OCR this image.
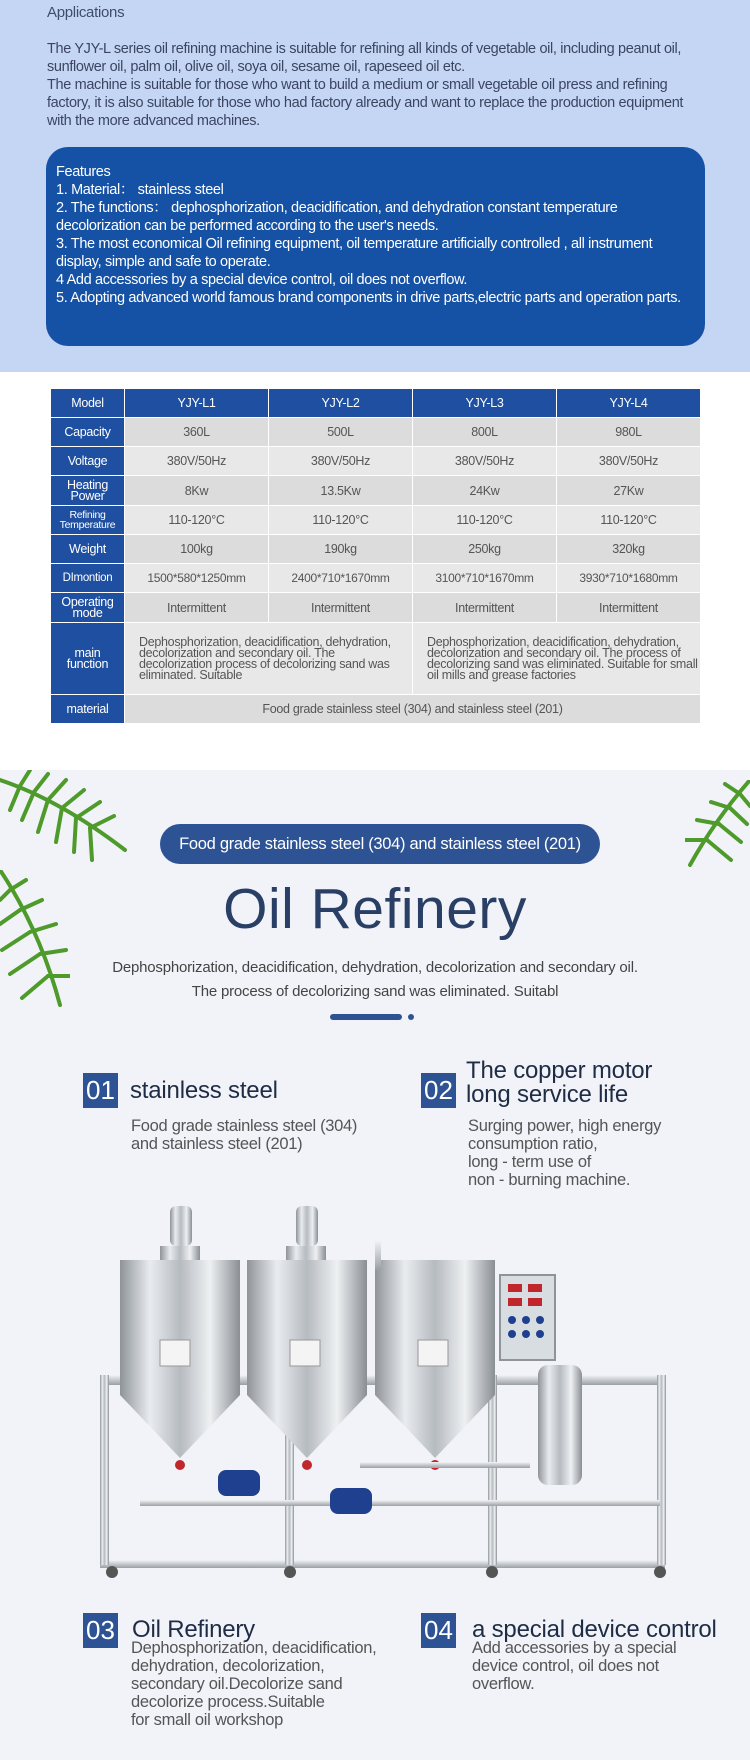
Applications

The YJY-L series oil refining machine is suitable for refining all kinds of vegetable oil, including peanut oil, sunflower oil, palm oil, olive oil, soya oil, sesame oil, rapeseed oil etc.

The machine is suitable for those who want to build a medium or small vegetable oil press and refining factory, it is also suitable for those who had factory already and want to replace the production equipment with the more advanced machines.

Features

1. Material： stainless steel

2. The functions： dephosphorization, deacidification, and dehydration constant temperature decolorization can be performed according to the user's needs.

3. The most economical Oil refining equipment, oil temperature artificially controlled , all instrument display, simple and safe to operate.

4 Add accessories by a special device control, oil does not overflow.

5. Adopting advanced world famous brand components in drive parts,electric parts and operation parts.

Model	YJY-L1	YJY-L2	YJY-L3	YJY-L4
Capacity	360L	500L	800L	980L
Voltage	380V/50Hz	380V/50Hz	380V/50Hz	380V/50Hz
Heating Power	8Kw	13.5Kw	24Kw	27Kw
Refining Temperature	110-120°C	110-120°C	110-120°C	110-120°C
Weight	100kg	190kg	250kg	320kg
DImontion	1500*580*1250mm	2400*710*1670mm	3100*710*1670mm	3930*710*1680mm
Operating mode	Intermittent	Intermittent	Intermittent	Intermittent
main function	Dephosphorization, deacidification, dehydration, decolorization and secondary oil. The decolorization process of decolorizing sand was eliminated. Suitable		Dephosphorization, deacidification, dehydration, decolorization and secondary oil. The process of decolorizing sand was eliminated. Suitable for small oil mills and grease factories	
material	Food grade stainless steel (304) and stainless steel (201)			
Food grade stainless steel (304) and stainless steel (201)
Oil Refinery
Dephosphorization, deacidification, dehydration, decolorization and secondary oil.
The process of decolorizing sand was eliminated. Suitabl
01 stainless steel
Food grade stainless steel (304)
and stainless steel (201)
02
The copper motor
long service life
Surging power, high energy
consumption ratio,
long - term use of
non - burning machine.
03 Oil Refinery
Dephosphorization, deacidification,
dehydration, decolorization,
secondary oil.Decolorize sand
decolorize process.Suitable
for small oil workshop
04 a special device control
Add accessories by a special
device control, oil does not
overflow.
